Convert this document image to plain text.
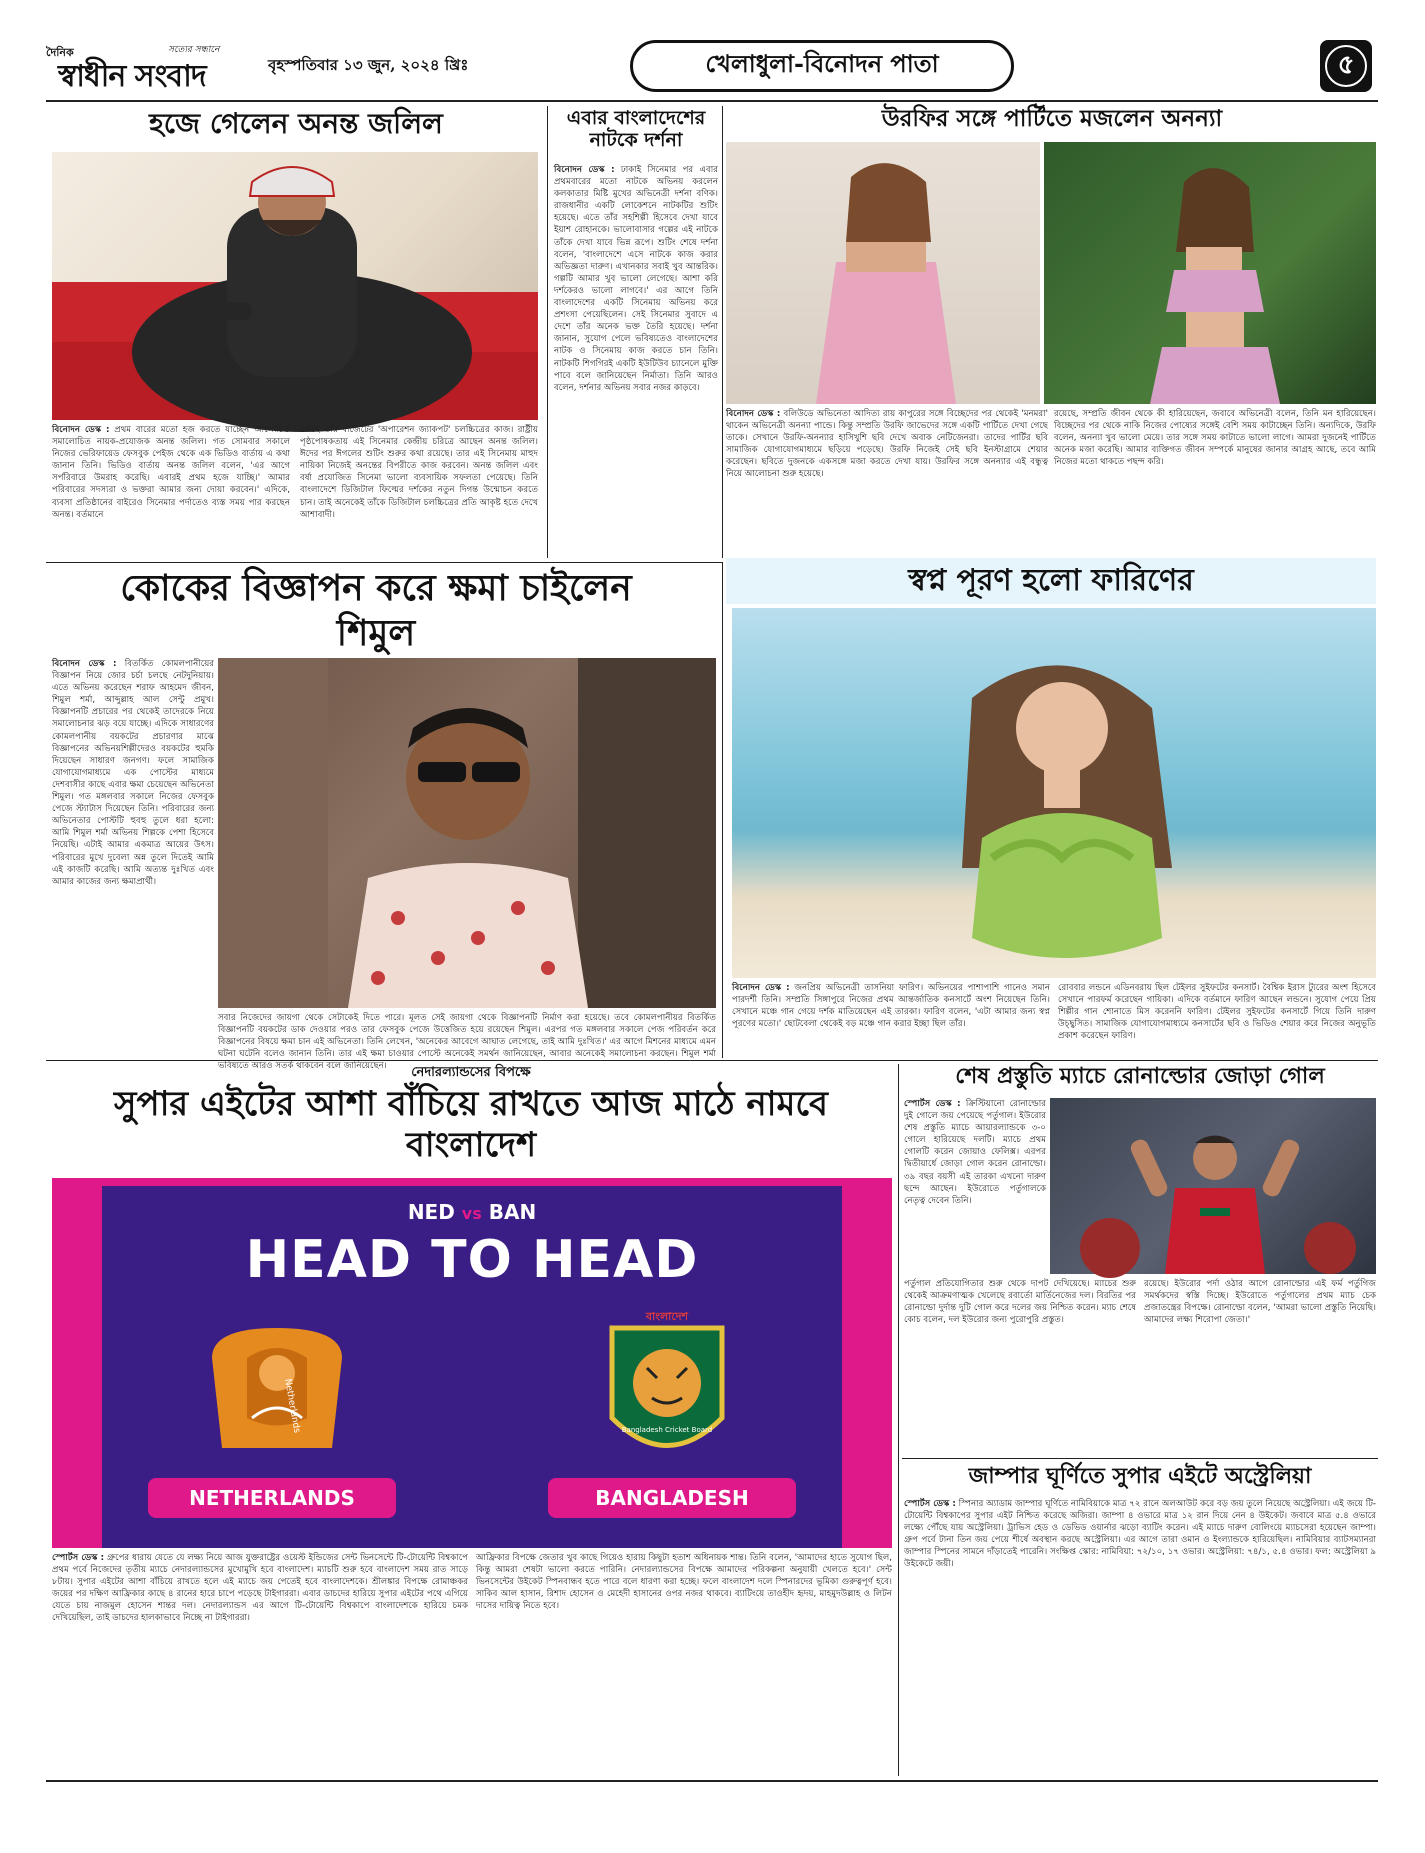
দৈনিক	সত্যের সন্ধানে
স্বাধীন সংবাদ	বৃহস্পতিবার ১৩ জুন, ২০২৪ খ্রিঃ	খেলাধুলা-বিনোদন পাতা	৫
হজে গেলেন অনন্ত জলিল
বিনোদন ডেস্ক : প্রথম বারের মতো হজ করতে যাচ্ছেন আলোচিত সমালোচিত নায়ক-প্রযোজক অনন্ত জলিল। গত সোমবার সকালে নিজের ভেরিফায়েড ফেসবুক পেইজ থেকে এক ভিডিও বার্তায় এ কথা জানান তিনি। ভিডিও বার্তায় অনন্ত জলিল বলেন, 'এর আগে সর্পরিবারে উমরাহ করেছি। এবারই প্রথম হজে যাচ্ছি।' আমার পরিবারের সদস্যরা ও ভক্তরা আমার জন্য দোয়া করবেন।' এদিকে, ব্যবসা প্রতিষ্ঠানের বাইরেও সিনেমার পর্দাতেও ব্যস্ত সময় পার করছেন অনন্ত। বর্তমানে
চলছে তাঁর বাজেটের 'অপারেশন জ্যাকপট' চলচ্চিত্রের কাজ। রাষ্ট্রীয় পৃষ্ঠপোষকতায় এই সিনেমার কেন্দ্রীয় চরিত্রে আছেন অনন্ত জলিল। ঈদের পর ঈগলের শুটিং শুরুর কথা রয়েছে। তার এই সিনেমায় মাহুদ নায়িকা নিজেই অনন্তের বিপরীতে কাজ করবেন। অনন্ত জলিল এবং বর্ষা প্রযোজিত সিনেমা ভালো ব্যবসায়িক সফলতা পেয়েছে। তিনি বাংলাদেশে ডিজিটাল ফিল্মের দর্শকের নতুন দিগন্ত উন্মোচন করতে চান। তাই অনেকেই তাঁকে ডিজিটাল চলচ্চিত্রের প্রতি আকৃষ্ট হতে দেখে আশাবাদী।
এবার বাংলাদেশের নাটকে দর্শনা
বিনোদন ডেস্ক : ঢাকাই সিনেমার পর এবার প্রথমবারের মতো নাটকে অভিনয় করলেন কলকাতার মিষ্টি মুখের অভিনেত্রী দর্শনা বণিক। রাজধানীর একটি লোকেশনে নাটকটির শুটিং হয়েছে। এতে তাঁর সহশিল্পী হিসেবে দেখা যাবে ইয়াশ রোহানকে। ভালোবাসার গল্পের এই নাটকে তাঁকে দেখা যাবে ভিন্ন রূপে। শুটিং শেষে দর্শনা বলেন, 'বাংলাদেশে এসে নাটকে কাজ করার অভিজ্ঞতা দারুণ। এখানকার সবাই খুব আন্তরিক। গল্পটি আমার খুব ভালো লেগেছে। আশা করি দর্শকেরও ভালো লাগবে।' এর আগে তিনি বাংলাদেশের একটি সিনেমায় অভিনয় করে প্রশংসা পেয়েছিলেন। সেই সিনেমার সুবাদে এ দেশে তাঁর অনেক ভক্ত তৈরি হয়েছে। দর্শনা জানান, সুযোগ পেলে ভবিষ্যতেও বাংলাদেশের নাটক ও সিনেমায় কাজ করতে চান তিনি। নাটকটি শিগগিরই একটি ইউটিউব চ্যানেলে মুক্তি পাবে বলে জানিয়েছেন নির্মাতা। তিনি আরও বলেন, দর্শনার অভিনয় সবার নজর কাড়বে।
উরফির সঙ্গে পার্টিতে মজলেন অনন্যা
বিনোদন ডেস্ক : বলিউডে অভিনেতা আদিত্য রায় কাপুরের সঙ্গে বিচ্ছেদের পর থেকেই 'মনমরা' থাকেন অভিনেত্রী অনন্যা পান্ডে। কিন্তু সম্প্রতি উরফি জাভেদের সঙ্গে একটি পার্টিতে দেখা গেছে তাকে। সেখানে উরফি-অনন্যার হাসিখুশি ছবি দেখে অবাক নেটিজেনরা। তাদের পার্টির ছবি সামাজিক যোগাযোগমাধ্যমে ছড়িয়ে পড়েছে। উরফি নিজেই সেই ছবি ইনস্টাগ্রামে শেয়ার করেছেন। ছবিতে দুজনকে একসঙ্গে মজা করতে দেখা যায়। উরফির সঙ্গে অনন্যার এই বন্ধুত্ব নিয়ে আলোচনা শুরু হয়েছে।
রয়েছে, সম্প্রতি জীবন থেকে কী হারিয়েছেন, জবাবে অভিনেত্রী বলেন, তিনি মন হারিয়েছেন। বিচ্ছেদের পর থেকে নাকি নিজের পোষ্যের সঙ্গেই বেশি সময় কাটাচ্ছেন তিনি। অন্যদিকে, উরফি বলেন, অনন্যা খুব ভালো মেয়ে। তার সঙ্গে সময় কাটাতে ভালো লাগে। আমরা দুজনেই পার্টিতে অনেক মজা করেছি। আমার ব্যক্তিগত জীবন সম্পর্কে মানুষের জানার আগ্রহ আছে, তবে আমি নিজের মতো থাকতে পছন্দ করি।
কোকের বিজ্ঞাপন করে ক্ষমা চাইলেন শিমুল
বিনোদন ডেস্ক : বিতর্কিত কোমলপানীয়ের বিজ্ঞাপন নিয়ে জোর চর্চা চলছে নেটদুনিয়ায়। এতে অভিনয় করেছেন শরাফ আহমেদ জীবন, শিমুল শর্মা, আব্দুল্লাহ আল সেন্টু প্রমুখ। বিজ্ঞাপনটি প্রচারের পর থেকেই তাদেরকে নিয়ে সমালোচনার ঝড় বয়ে যাচ্ছে। এদিকে সাধারণের কোমলপানীয় বয়কটের প্রচারণার মাঝে বিজ্ঞাপনের অভিনয়শিল্পীদেরও বয়কটের হুমকি দিয়েছেন সাধারণ জনগণ। ফলে সামাজিক যোগাযোগমাধ্যমে এক পোস্টের মাধ্যমে দেশবাসীর কাছে এবার ক্ষমা চেয়েছেন অভিনেতা শিমুল। গত মঙ্গলবার সকালে নিজের ফেসবুক পেজে স্ট্যাটাস দিয়েছেন তিনি। পরিবারের জন্য অভিনেতার পোস্টটি হুবহু তুলে ধরা হলো: আমি শিমুল শর্মা অভিনয় শিল্পকে পেশা হিসেবে নিয়েছি। এটাই আমার একমাত্র আয়ের উৎস। পরিবারের মুখে দুবেলা অন্ন তুলে দিতেই আমি এই কাজটি করেছি। আমি অত্যন্ত দুঃখিত এবং আমার কাজের জন্য ক্ষমাপ্রার্থী।
সবার নিজেদের জায়গা থেকে সেটাকেই দিতে পারে। মূলত সেই জায়গা থেকে বিজ্ঞাপনটি নির্মাণ করা হয়েছে। তবে কোমলপানীয়র বিতর্কিত বিজ্ঞাপনটি বয়কটের ডাক দেওয়ার পরও তার ফেসবুক পেজে উত্তেজিত হয়ে রয়েছেন শিমুল। এরপর গত মঙ্গলবার সকালে পেজ পরিবর্তন করে বিজ্ঞাপনের বিষয়ে ক্ষমা চান এই অভিনেতা। তিনি লেখেন, 'অনেকের আবেগে আঘাত লেগেছে, তাই আমি দুঃখিত।' এর আগে মিশনের মাধ্যমে এমন ঘটনা ঘটেনি বলেও জানান তিনি। তার এই ক্ষমা চাওয়ার পোস্টে অনেকেই সমর্থন জানিয়েছেন, আবার অনেকেই সমালোচনা করছেন। শিমুল শর্মা ভবিষ্যতে আরও সতর্ক থাকবেন বলে জানিয়েছেন।
স্বপ্ন পূরণ হলো ফারিণের
বিনোদন ডেস্ক : জনপ্রিয় অভিনেত্রী তাসনিয়া ফারিণ। অভিনয়ের পাশাপাশি গানেও সমান পারদর্শী তিনি। সম্প্রতি সিঙ্গাপুরে নিজের প্রথম আন্তর্জাতিক কনসার্টে অংশ নিয়েছেন তিনি। সেখানে মঞ্চে গান গেয়ে দর্শক মাতিয়েছেন এই তারকা। ফারিণ বলেন, 'এটা আমার জন্য স্বপ্ন পূরণের মতো।' ছোটবেলা থেকেই বড় মঞ্চে গান করার ইচ্ছা ছিল তাঁর।
রোববার লন্ডনে এডিনবরায় ছিল টেইলর সুইফটের কনসার্ট। বৈশ্বিক ইরাস ট্যুরের অংশ হিসেবে সেখানে পারফর্ম করেছেন গায়িকা। এদিকে বর্তমানে ফারিণ আছেন লন্ডনে। সুযোগ পেয়ে প্রিয় শিল্পীর গান শোনাতে মিস করেননি ফারিণ। টেইলর সুইফটের কনসার্টে গিয়ে তিনি দারুণ উচ্ছ্বসিত। সামাজিক যোগাযোগমাধ্যমে কনসার্টের ছবি ও ভিডিও শেয়ার করে নিজের অনুভূতি প্রকাশ করেছেন ফারিণ।
নেদারল্যান্ডসের বিপক্ষে
সুপার এইটের আশা বাঁচিয়ে রাখতে আজ মাঠে নামবে বাংলাদেশ
NED vs BAN
HEAD TO HEAD
Netherlands
NETHERLANDS
বাংলাদেশ
Bangladesh Cricket Board
BANGLADESH
স্পোর্টস ডেস্ক : গ্রুপের ধারায় যেতে যে লক্ষ্য নিয়ে আজ যুক্তরাষ্ট্রের ওয়েস্ট ইন্ডিজের সেন্ট ভিনসেন্টে টি-টোয়েন্টি বিশ্বকাপে প্রথম পর্বে নিজেদের তৃতীয় ম্যাচে নেদারল্যান্ডসের মুখোমুখি হবে বাংলাদেশ। ম্যাচটি শুরু হবে বাংলাদেশ সময় রাত সাড়ে ৮টায়। সুপার এইটের আশা বাঁচিয়ে রাখতে হলে এই ম্যাচে জয় পেতেই হবে বাংলাদেশকে। শ্রীলঙ্কার বিপক্ষে রোমাঞ্চকর জয়ের পর দক্ষিণ আফ্রিকার কাছে ৪ রানের হারে চাপে পড়েছে টাইগাররা। এবার ডাচদের হারিয়ে সুপার এইটের পথে এগিয়ে যেতে চায় নাজমুল হোসেন শান্তর দল। নেদারল্যান্ডস এর আগে টি-টোয়েন্টি বিশ্বকাপে বাংলাদেশকে হারিয়ে চমক দেখিয়েছিল, তাই ডাচদের হালকাভাবে নিচ্ছে না টাইগাররা।
আফ্রিকার বিপক্ষে জেতার খুব কাছে গিয়েও হারায় কিছুটা হতাশ অধিনায়ক শান্ত। তিনি বলেন, 'আমাদের হাতে সুযোগ ছিল, কিন্তু আমরা শেষটা ভালো করতে পারিনি। নেদারল্যান্ডসের বিপক্ষে আমাদের পরিকল্পনা অনুযায়ী খেলতে হবে।' সেন্ট ভিনসেন্টের উইকেট স্পিনবান্ধব হতে পারে বলে ধারণা করা হচ্ছে। ফলে বাংলাদেশ দলে স্পিনারদের ভূমিকা গুরুত্বপূর্ণ হবে। সাকিব আল হাসান, রিশাদ হোসেন ও মেহেদী হাসানের ওপর নজর থাকবে। ব্যাটিংয়ে তাওহীদ হৃদয়, মাহমুদউল্লাহ ও লিটন দাসের দায়িত্ব নিতে হবে।
শেষ প্রস্তুতি ম্যাচে রোনাল্ডোর জোড়া গোল
স্পোর্টস ডেস্ক : ক্রিস্টিয়ানো রোনাল্ডোর দুই গোলে জয় পেয়েছে পর্তুগাল। ইউরোর শেষ প্রস্তুতি ম্যাচে আয়ারল্যান্ডকে ৩-০ গোলে হারিয়েছে দলটি। ম্যাচে প্রথম গোলটি করেন জোয়াও ফেলিক্স। এরপর দ্বিতীয়ার্ধে জোড়া গোল করেন রোনাল্ডো। ৩৯ বছর বয়সী এই তারকা এখনো দারুণ ছন্দে আছেন। ইউরোতে পর্তুগালকে নেতৃত্ব দেবেন তিনি।
পর্তুগাল প্রতিযোগিতার শুরু থেকে দাপট দেখিয়েছে। ম্যাচের শুরু থেকেই আক্রমণাত্মক খেলেছে রবার্তো মার্তিনেজের দল। বিরতির পর রোনাল্ডো দুর্দান্ত দুটি গোল করে দলের জয় নিশ্চিত করেন। ম্যাচ শেষে কোচ বলেন, দল ইউরোর জন্য পুরোপুরি প্রস্তুত।
রয়েছে। ইউরোর পর্দা ওঠার আগে রোনাল্ডোর এই ফর্ম পর্তুগিজ সমর্থকদের স্বস্তি দিচ্ছে। ইউরোতে পর্তুগালের প্রথম ম্যাচ চেক প্রজাতন্ত্রের বিপক্ষে। রোনাল্ডো বলেন, 'আমরা ভালো প্রস্তুতি নিয়েছি। আমাদের লক্ষ্য শিরোপা জেতা।'
জাম্পার ঘূর্ণিতে সুপার এইটে অস্ট্রেলিয়া
স্পোর্টস ডেস্ক : স্পিনার অ্যাডাম জাম্পার ঘূর্ণিতে নামিবিয়াকে মাত্র ৭২ রানে অলআউট করে বড় জয় তুলে নিয়েছে অস্ট্রেলিয়া। এই জয়ে টি-টোয়েন্টি বিশ্বকাপের সুপার এইট নিশ্চিত করেছে অজিরা। জাম্পা ৪ ওভারে মাত্র ১২ রান দিয়ে নেন ৪ উইকেট। জবাবে মাত্র ৫.৪ ওভারে লক্ষ্যে পৌঁছে যায় অস্ট্রেলিয়া। ট্রাভিস হেড ও ডেভিড ওয়ার্নার ঝড়ো ব্যাটিং করেন। এই ম্যাচে দারুণ বোলিংয়ে ম্যাচসেরা হয়েছেন জাম্পা। গ্রুপ পর্বে টানা তিন জয় পেয়ে শীর্ষে অবস্থান করছে অস্ট্রেলিয়া। এর আগে তারা ওমান ও ইংল্যান্ডকে হারিয়েছিল। নামিবিয়ার ব্যাটসম্যানরা জাম্পার স্পিনের সামনে দাঁড়াতেই পারেনি। সংক্ষিপ্ত স্কোর: নামিবিয়া: ৭২/১০, ১৭ ওভার। অস্ট্রেলিয়া: ৭৪/১, ৫.৪ ওভার। ফল: অস্ট্রেলিয়া ৯ উইকেটে জয়ী।
